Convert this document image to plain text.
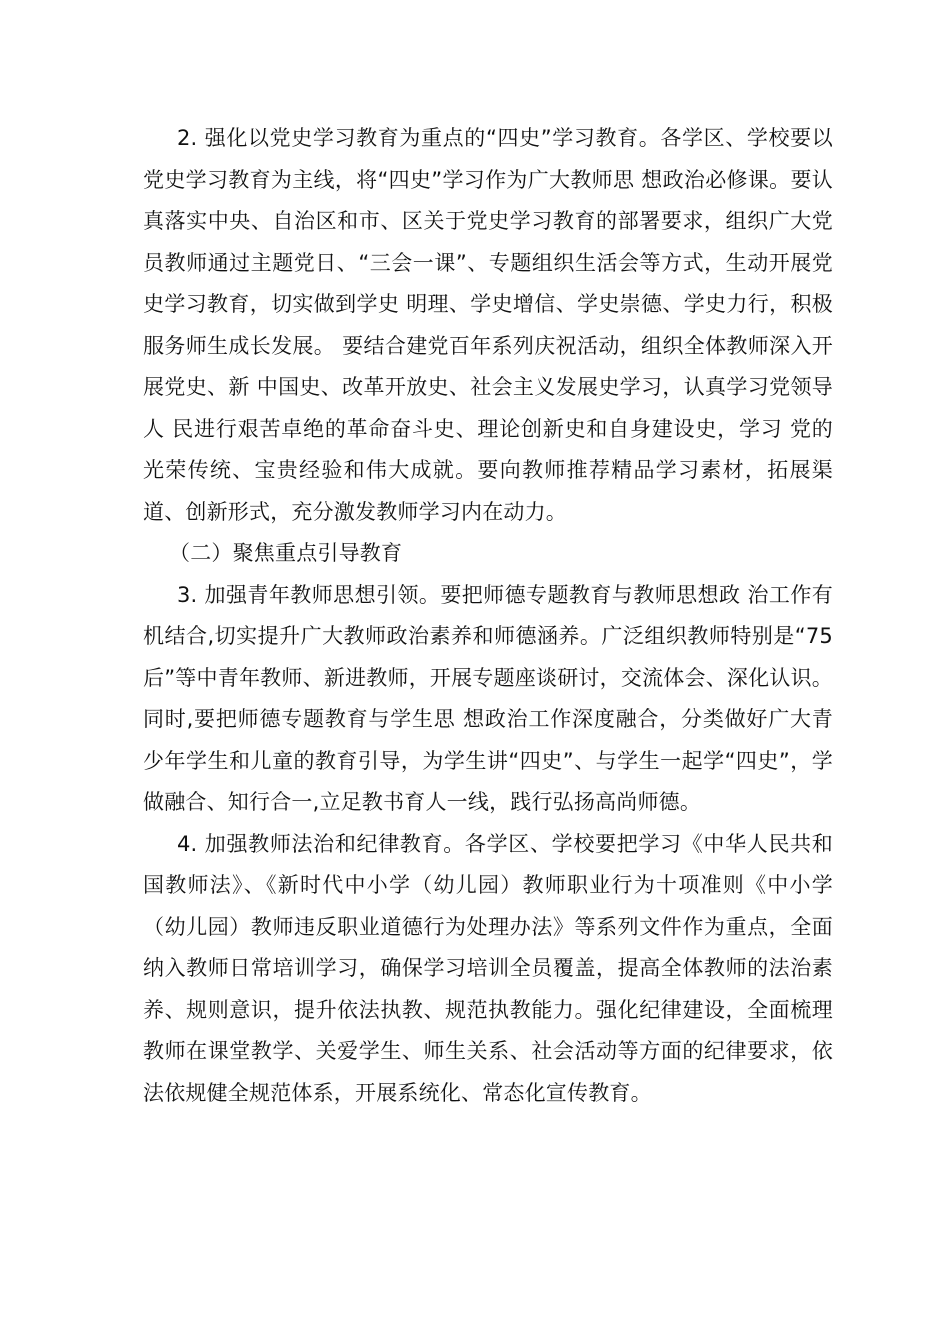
2. 强化以党史学习教育为重点的“四史”学习教育。各学区、学校要以党史学习教育为主线，将“四史”学习作为广大教师思 想政治必修课。要认真落实中央、自治区和市、区关于党史学习教育的部署要求，组织广大党员教师通过主题党日、“三会一课”、专题组织生活会等方式，生动开展党史学习教育，切实做到学史 明理、学史增信、学史崇德、学史力行，积极服务师生成长发展。 要结合建党百年系列庆祝活动，组织全体教师深入开展党史、新 中国史、改革开放史、社会主义发展史学习，认真学习党领导人 民进行艰苦卓绝的革命奋斗史、理论创新史和自身建设史，学习 党的光荣传统、宝贵经验和伟大成就。要向教师推荐精品学习素材，拓展渠道、创新形式，充分激发教师学习内在动力。

（二）聚焦重点引导教育

3. 加强青年教师思想引领。要把师德专题教育与教师思想政 治工作有机结合,切实提升广大教师政治素养和师德涵养。广泛组织教师特别是“75 后”等中青年教师、新进教师，开展专题座谈研讨，交流体会、深化认识。同时,要把师德专题教育与学生思 想政治工作深度融合，分类做好广大青少年学生和儿童的教育引导，为学生讲“四史”、与学生一起学“四史”，学做融合、知行合一,立足教书育人一线，践行弘扬高尚师德。

4. 加强教师法治和纪律教育。各学区、学校要把学习《中华人民共和国教师法》、《新时代中小学（幼儿园）教师职业行为十项准则《中小学（幼儿园）教师违反职业道德行为处理办法》等系列文件作为重点，全面纳入教师日常培训学习，确保学习培训全员覆盖，提高全体教师的法治素养、规则意识，提升依法执教、规范执教能力。强化纪律建设，全面梳理教师在课堂教学、关爱学生、师生关系、社会活动等方面的纪律要求，依法依规健全规范体系，开展系统化、常态化宣传教育。
